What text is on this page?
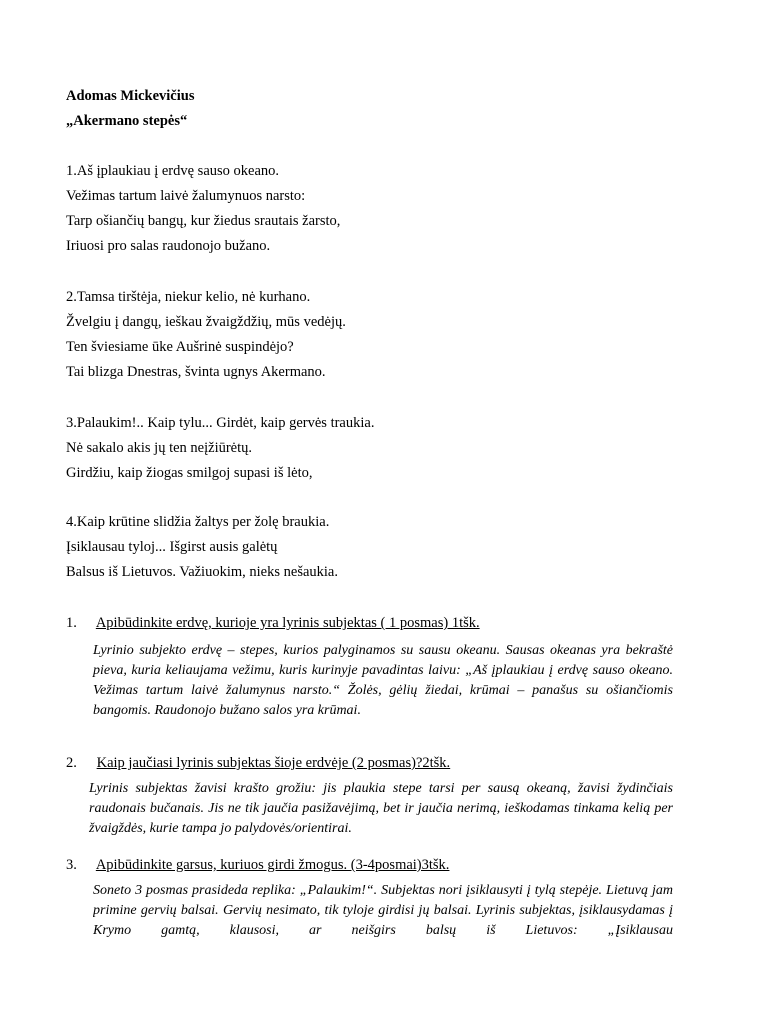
Adomas Mickevičius
„Akermano stepės“
1.Aš įplaukiau į erdvę sauso okeano.
Vežimas tartum laivė žalumynuos narsto:
Tarp ošiančių bangų, kur žiedus srautais žarsto,
Iriuosi pro salas raudonojo bužano.
2.Tamsa tirštėja, niekur kelio, nė kurhano.
Žvelgiu į dangų, ieškau žvaigždžių, mūs vedėjų.
Ten šviesiame ūke Aušrinė suspindėjo?
Tai blizga Dnestras, švinta ugnys Akermano.
3.Palaukim!.. Kaip tylu... Girdėt, kaip gervės traukia.
Nė sakalo akis jų ten neįžiūrėtų.
Girdžiu, kaip žiogas smilgoj supasi iš lėto,
4.Kaip krūtine slidžia žaltys per žolę braukia.
Įsiklausau tyloj... Išgirst ausis galėtų
Balsus iš Lietuvos. Važiuokim, nieks nešaukia.
1. Apibūdinkite erdvę, kurioje yra lyrinis subjektas ( 1 posmas) 1tšk.
Lyrinio subjekto erdvę – stepes, kurios palyginamos su sausu okeanu. Sausas okeanas yra bekraštė pieva, kuria keliaujama vežimu, kuris kurinyje pavadintas laivu: „Aš įplaukiau į erdvę sauso okeano. Vežimas tartum laivė žalumynus narsto.“ Žolės, gėlių žiedai, krūmai – panašus su ošiančiomis bangomis. Raudonojo bužano salos yra krūmai.
2. Kaip jaučiasi lyrinis subjektas šioje erdvėje (2 posmas)?2tšk.
Lyrinis subjektas žavisi krašto grožiu: jis plaukia stepe tarsi per sausą okeaną, žavisi žydinčiais raudonais bučanais. Jis ne tik jaučia pasižavėjimą, bet ir jaučia nerimą, ieškodamas tinkama kelią per žvaigždės, kurie tampa jo palydovės/orientirai.
3. Apibūdinkite garsus, kuriuos girdi žmogus. (3-4posmai)3tšk.
Soneto 3 posmas prasideda replika: „Palaukim!“. Subjektas nori įsiklausyti į tylą stepėje. Lietuvą jam primine gervių balsai. Gervių nesimato, tik tyloje girdisi jų balsai. Lyrinis subjektas, įsiklausydamas į Krymo gamtą, klausosi, ar neišgirs balsų iš Lietuvos: „Įsiklausau
